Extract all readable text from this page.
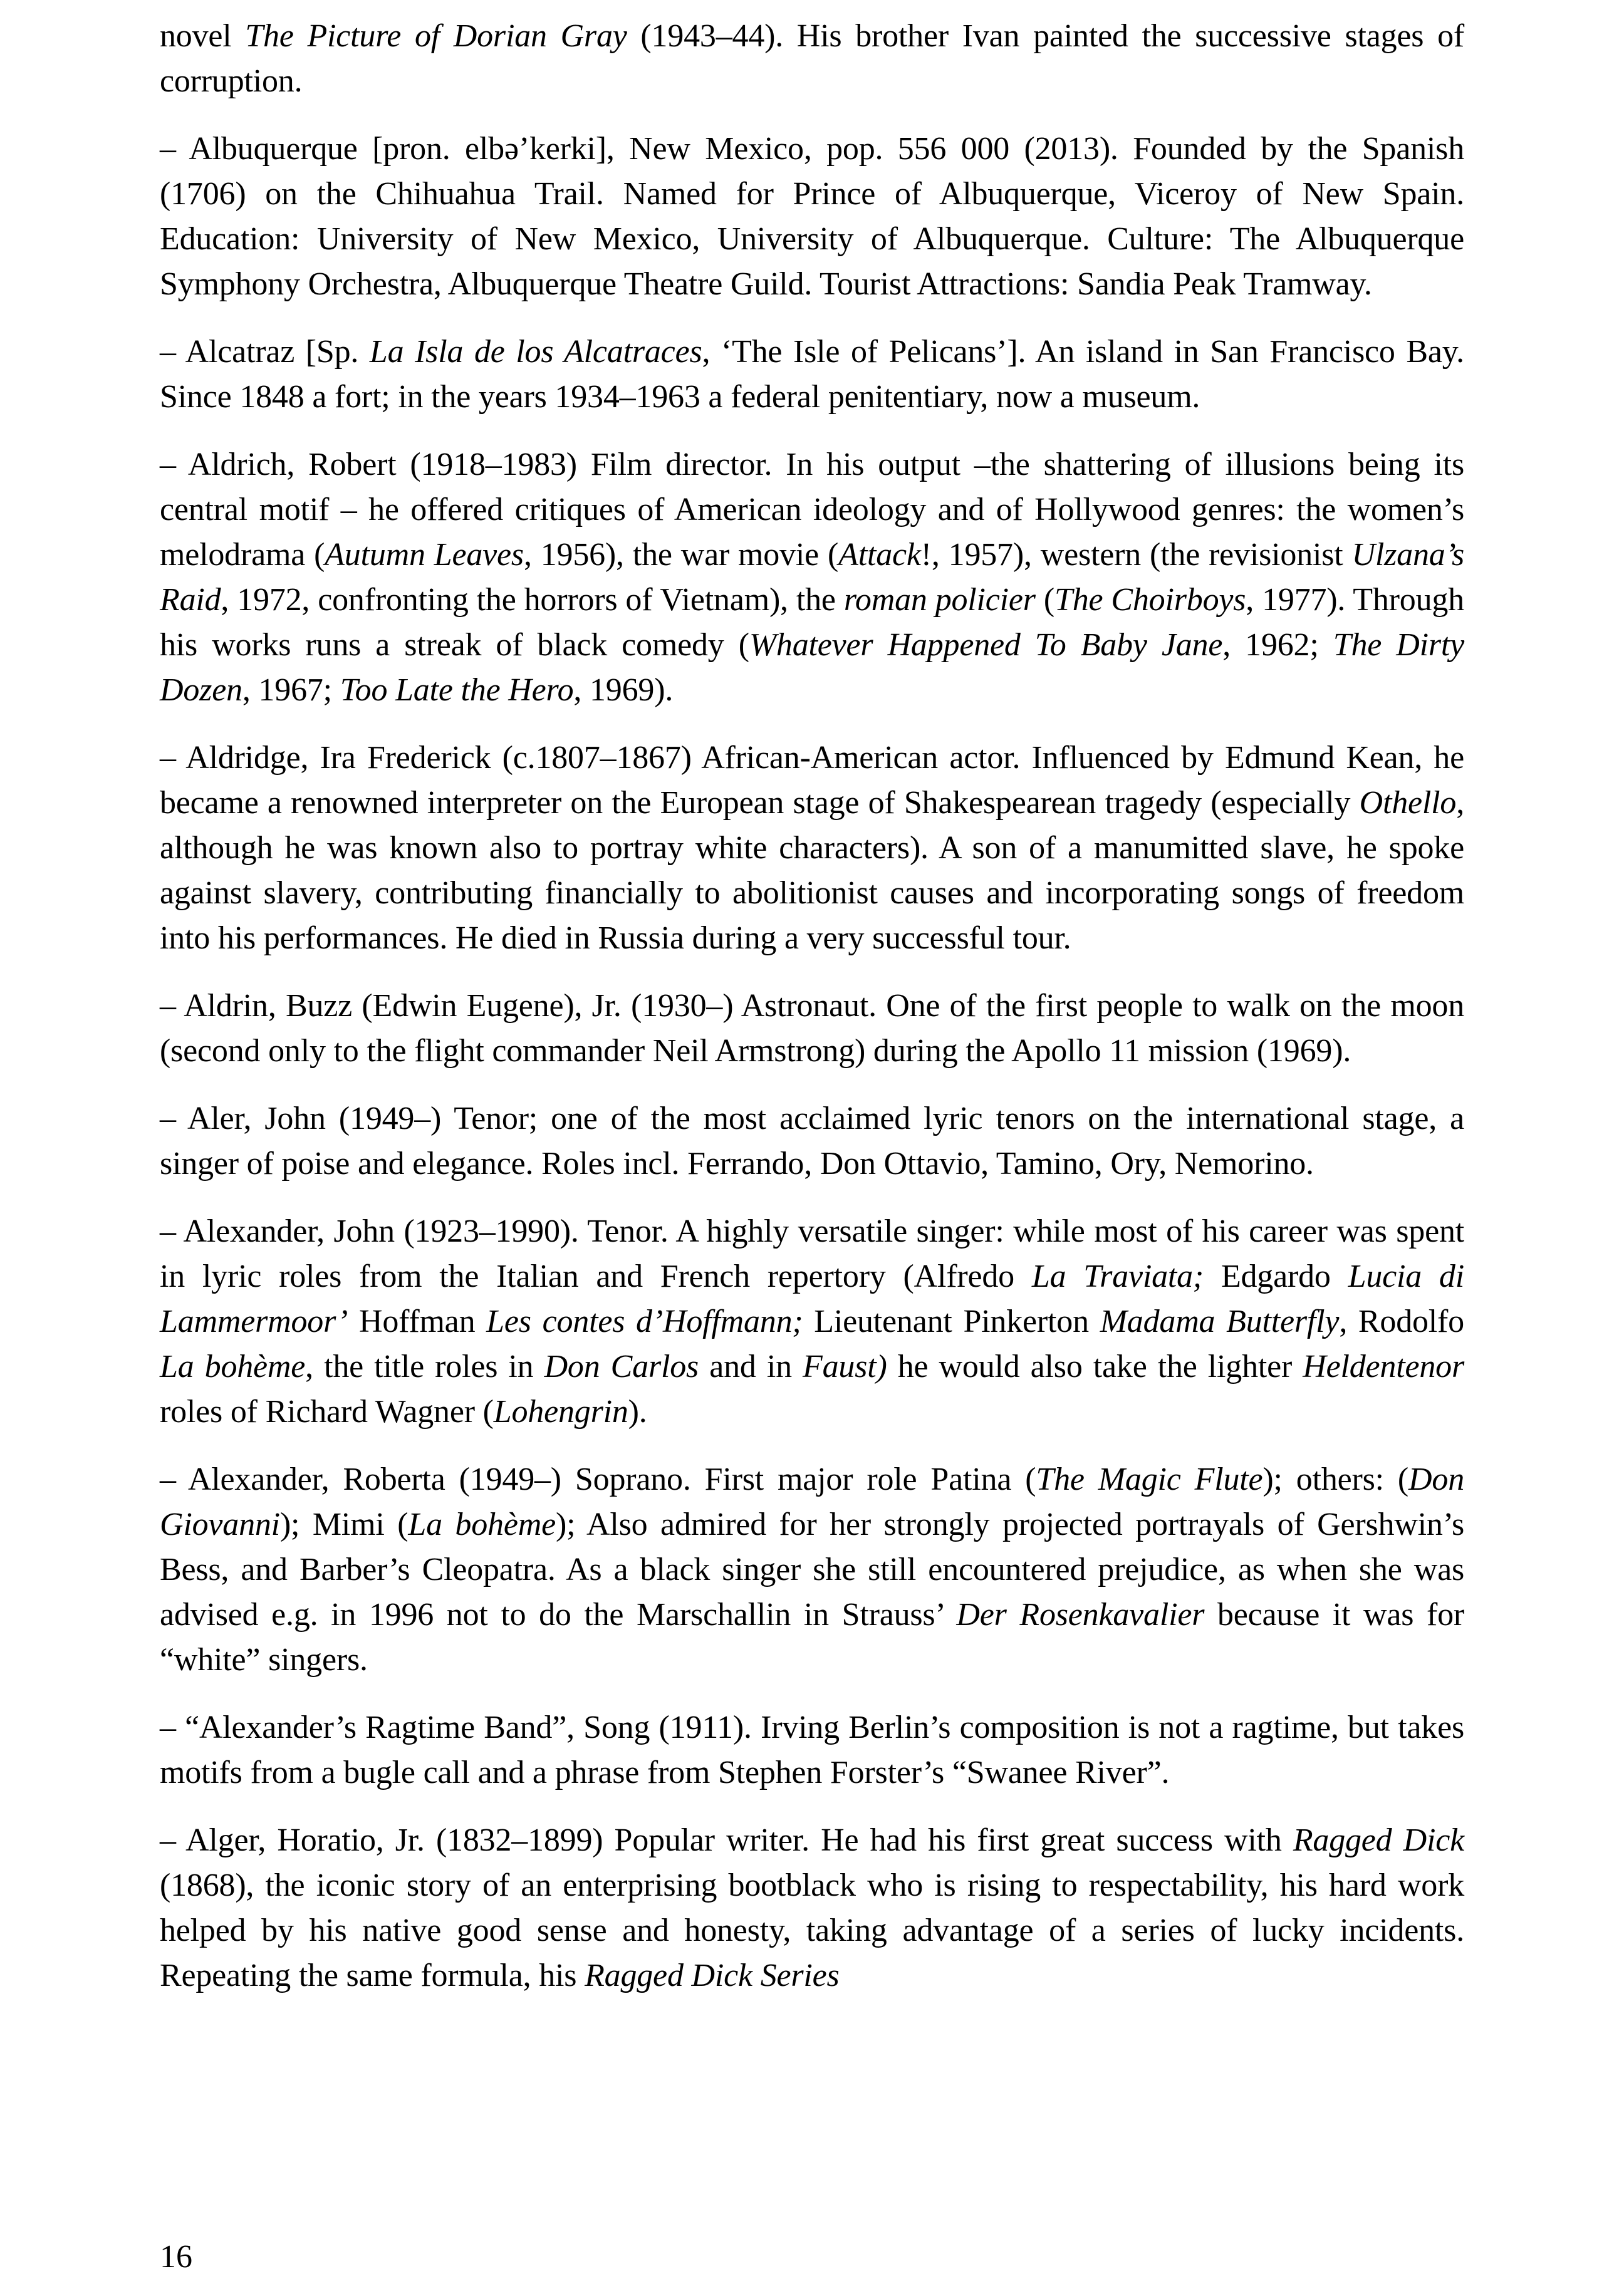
novel The Picture of Dorian Gray (1943–44). His brother Ivan painted the successive stages of corruption.

– Albuquerque [pron. elbə’kerki], New Mexico, pop. 556 000 (2013). Founded by the Spanish (1706) on the Chihuahua Trail. Named for Prince of Albuquerque, Viceroy of New Spain. Education: University of New Mexico, University of Albuquerque. Culture: The Albuquerque Symphony Orchestra, Albuquerque Theatre Guild. Tourist Attractions: Sandia Peak Tramway.

– Alcatraz [Sp. La Isla de los Alcatraces, ‘The Isle of Pelicans’]. An island in San Francisco Bay. Since 1848 a fort; in the years 1934–1963 a federal penitentiary, now a museum.

– Aldrich, Robert (1918–1983) Film director. In his output –the shattering of illusions being its central motif – he offered critiques of American ideology and of Hollywood genres: the women’s melodrama (Autumn Leaves, 1956), the war movie (Attack!, 1957), western (the revisionist Ulzana’s Raid, 1972, confronting the horrors of Vietnam), the roman policier (The Choirboys, 1977). Through his works runs a streak of black comedy (Whatever Happened To Baby Jane, 1962; The Dirty Dozen, 1967; Too Late the Hero, 1969).

– Aldridge, Ira Frederick (c.1807–1867) African-American actor. Influenced by Edmund Kean, he became a renowned interpreter on the European stage of Shakespearean tragedy (especially Othello, although he was known also to portray white characters). A son of a manumitted slave, he spoke against slavery, contributing financially to abolitionist causes and incorporating songs of freedom into his performances. He died in Russia during a very successful tour.

– Aldrin, Buzz (Edwin Eugene), Jr. (1930–) Astronaut. One of the first people to walk on the moon (second only to the flight commander Neil Armstrong) during the Apollo 11 mission (1969).

– Aler, John (1949–) Tenor; one of the most acclaimed lyric tenors on the international stage, a singer of poise and elegance. Roles incl. Ferrando, Don Ottavio, Tamino, Ory, Nemorino.

– Alexander, John (1923–1990). Tenor. A highly versatile singer: while most of his career was spent in lyric roles from the Italian and French repertory (Alfredo La Traviata; Edgardo Lucia di Lammermoor’ Hoffman Les contes d’Hoffmann; Lieutenant Pinkerton Madama Butterfly, Rodolfo La bohème, the title roles in Don Carlos and in Faust) he would also take the lighter Heldentenor roles of Richard Wagner (Lohengrin).

– Alexander, Roberta (1949–) Soprano. First major role Patina (The Magic Flute); others: (Don Giovanni); Mimi (La bohème); Also admired for her strongly projected portrayals of Gershwin’s Bess, and Barber’s Cleopatra. As a black singer she still encountered prejudice, as when she was advised e.g. in 1996 not to do the Marschallin in Strauss’ Der Rosenkavalier because it was for “white” singers.

– “Alexander’s Ragtime Band”, Song (1911). Irving Berlin’s composition is not a ragtime, but takes motifs from a bugle call and a phrase from Stephen Forster’s “Swanee River”.

– Alger, Horatio, Jr. (1832–1899) Popular writer. He had his first great success with Ragged Dick (1868), the iconic story of an enterprising bootblack who is rising to respectability, his hard work helped by his native good sense and honesty, taking advantage of a series of lucky incidents. Repeating the same formula, his Ragged Dick Series

16
